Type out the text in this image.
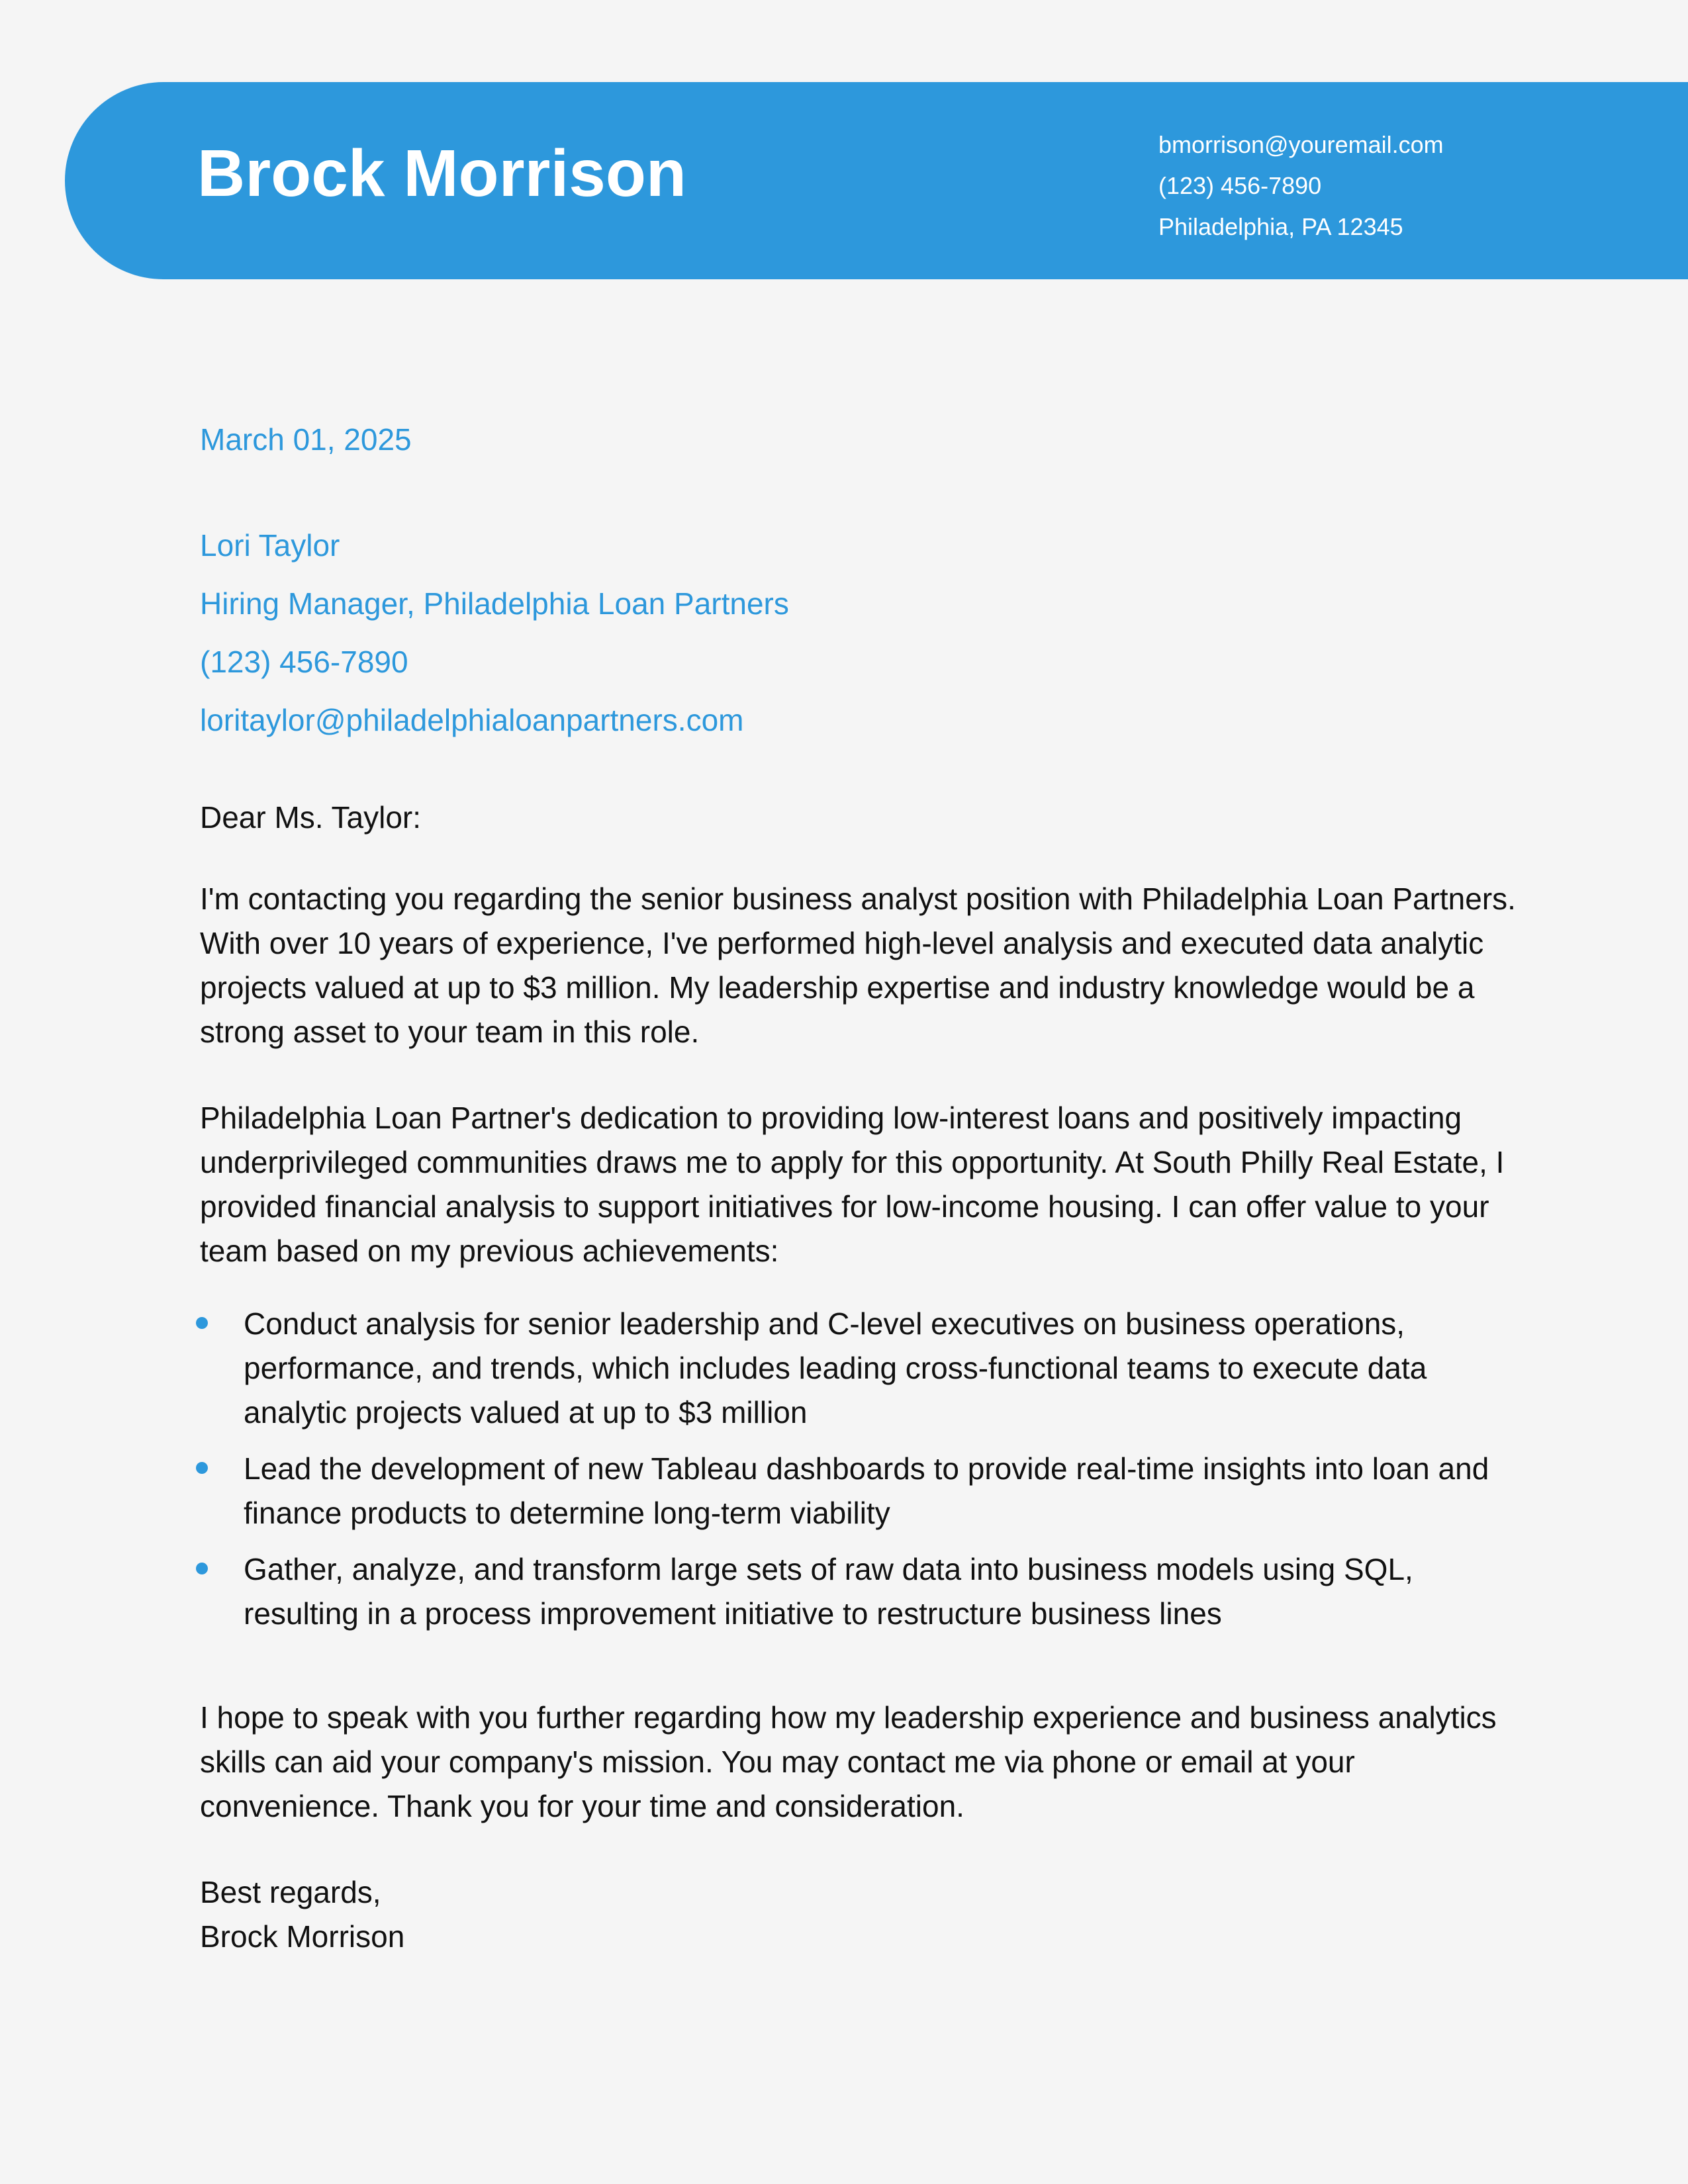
Brock Morrison	bmorrison@youremail.com
(123) 456-7890
Philadelphia, PA 12345
March 01, 2025
Lori Taylor
Hiring Manager, Philadelphia Loan Partners
(123) 456-7890
loritaylor@philadelphialoanpartners.com
Dear Ms. Taylor:

I'm contacting you regarding the senior business analyst position with Philadelphia Loan Partners. With over 10 years of experience, I've performed high-level analysis and executed data analytic projects valued at up to $3 million. My leadership expertise and industry knowledge would be a strong asset to your team in this role.

Philadelphia Loan Partner's dedication to providing low-interest loans and positively impacting underprivileged communities draws me to apply for this opportunity. At South Philly Real Estate, I provided financial analysis to support initiatives for low-income housing. I can offer value to your team based on my previous achievements:

Conduct analysis for senior leadership and C-level executives on business operations, performance, and trends, which includes leading cross-functional teams to execute data analytic projects valued at up to $3 million
Lead the development of new Tableau dashboards to provide real-time insights into loan and finance products to determine long-term viability
Gather, analyze, and transform large sets of raw data into business models using SQL, resulting in a process improvement initiative to restructure business lines

I hope to speak with you further regarding how my leadership experience and business analytics skills can aid your company's mission. You may contact me via phone or email at your convenience. Thank you for your time and consideration.

Best regards,
Brock Morrison
